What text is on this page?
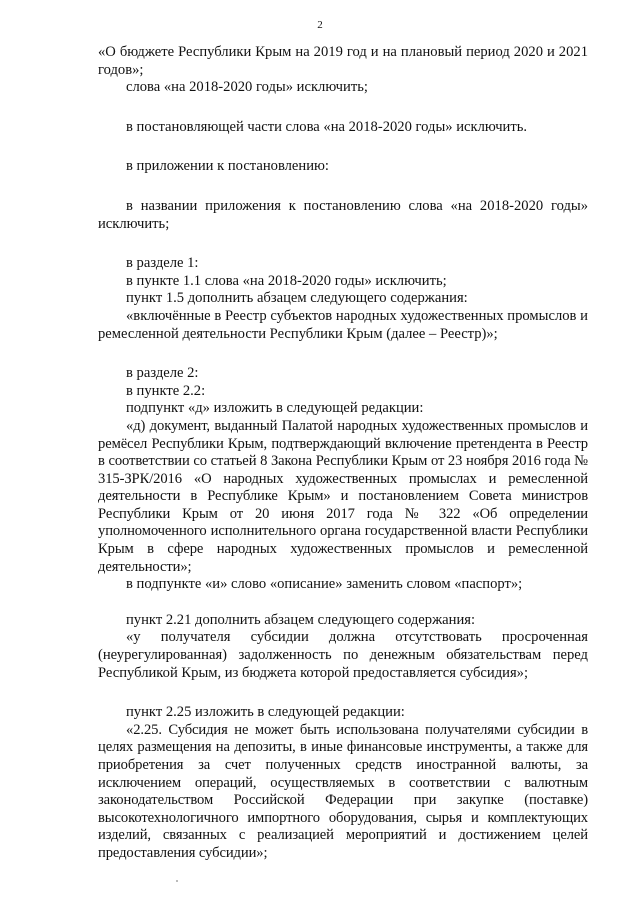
2

«О бюджете Республики Крым на 2019 год и на плановый период 2020 и 2021 годов»;

слова «на 2018-2020 годы» исключить;

в постановляющей части слова «на 2018-2020 годы» исключить.

в приложении к постановлению:

в названии приложения к постановлению слова «на 2018-2020 годы» исключить;

в разделе 1:

в пункте 1.1 слова «на 2018-2020 годы» исключить;

пункт 1.5 дополнить абзацем следующего содержания:

«включённые в Реестр субъектов народных художественных промыслов и ремесленной деятельности Республики Крым (далее – Реестр)»;

в разделе 2:

в пункте 2.2:

подпункт «д» изложить в следующей редакции:

«д) документ, выданный Палатой народных художественных промыслов и ремёсел Республики Крым, подтверждающий включение претендента в Реестр в соответствии со статьей 8 Закона Республики Крым от 23 ноября 2016 года № 315-ЗРК/2016 «О народных художественных промыслах и ремесленной деятельности в Республике Крым» и постановлением Совета министров Республики Крым от 20 июня 2017 года № 322 «Об определении уполномоченного исполнительного органа государственной власти Республики Крым в сфере народных художественных промыслов и ремесленной деятельности»;

в подпункте «и» слово «описание» заменить словом «паспорт»;

пункт 2.21 дополнить абзацем следующего содержания:

«у получателя субсидии должна отсутствовать просроченная (неурегулированная) задолженность по денежным обязательствам перед Республикой Крым, из бюджета которой предоставляется субсидия»;

пункт 2.25 изложить в следующей редакции:

«2.25. Субсидия не может быть использована получателями субсидии в целях размещения на депозиты, в иные финансовые инструменты, а также для приобретения за счет полученных средств иностранной валюты, за исключением операций, осуществляемых в соответствии с валютным законодательством Российской Федерации при закупке (поставке) высокотехнологичного импортного оборудования, сырья и комплектующих изделий, связанных с реализацией мероприятий и достижением целей предоставления субсидии»;
